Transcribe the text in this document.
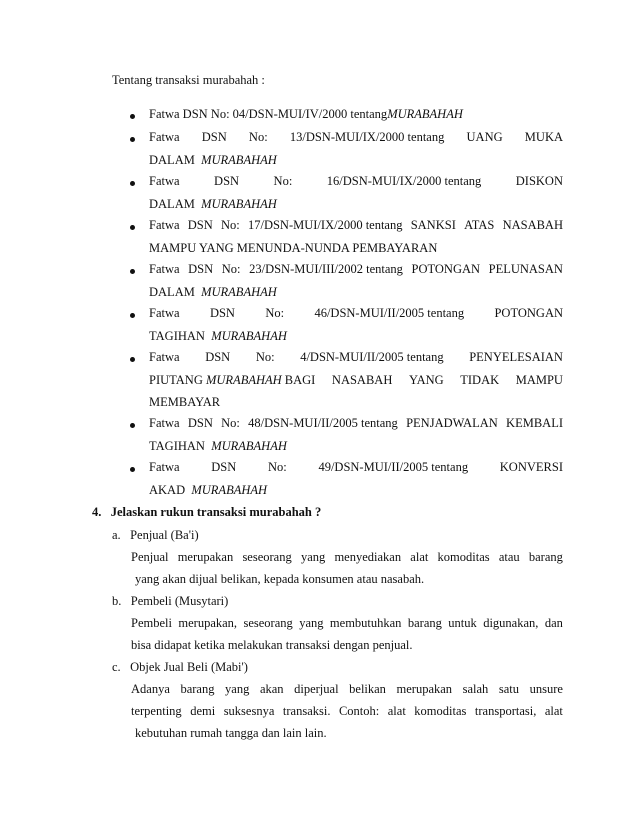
Tentang transaksi murabahah :
Fatwa DSN No: 04/DSN-MUI/IV/2000 tentangMURABAHAH
Fatwa DSN No: 13/DSN-MUI/IX/2000 tentang UANG MUKA
DALAM MURABAHAH
Fatwa	DSN	No:	16/DSN-MUI/IX/2000 tentang	DISKON
DALAM MURABAHAH
Fatwa DSN No: 17/DSN-MUI/IX/2000 tentang SANKSI ATAS NASABAH
MAMPU YANG MENUNDA-NUNDA PEMBAYARAN
Fatwa DSN No: 23/DSN-MUI/III/2002 tentang POTONGAN PELUNASAN
DALAM MURABAHAH
Fatwa DSN No: 46/DSN-MUI/II/2005 tentang POTONGAN
TAGIHAN MURABAHAH
Fatwa DSN No: 4/DSN-MUI/II/2005 tentang PENYELESAIAN
PIUTANG MURABAHAH BAGI NASABAH YANG TIDAK MAMPU
MEMBAYAR
Fatwa DSN No: 48/DSN-MUI/II/2005 tentang PENJADWALAN KEMBALI
TAGIHAN MURABAHAH
Fatwa	DSN	No:	49/DSN-MUI/II/2005 tentang	KONVERSI
AKAD MURABAHAH
4. Jelaskan rukun transaksi murabahah ?
a. Penjual (Ba'i)
Penjual merupakan seseorang yang menyediakan alat komoditas atau barang
yang akan dijual belikan, kepada konsumen atau nasabah.
b. Pembeli (Musytari)
Pembeli merupakan, seseorang yang membutuhkan barang untuk digunakan, dan
bisa didapat ketika melakukan transaksi dengan penjual.
c. Objek Jual Beli (Mabi')
Adanya barang yang akan diperjual belikan merupakan salah satu unsure
terpenting demi suksesnya transaksi. Contoh: alat komoditas transportasi, alat
kebutuhan rumah tangga dan lain lain.
